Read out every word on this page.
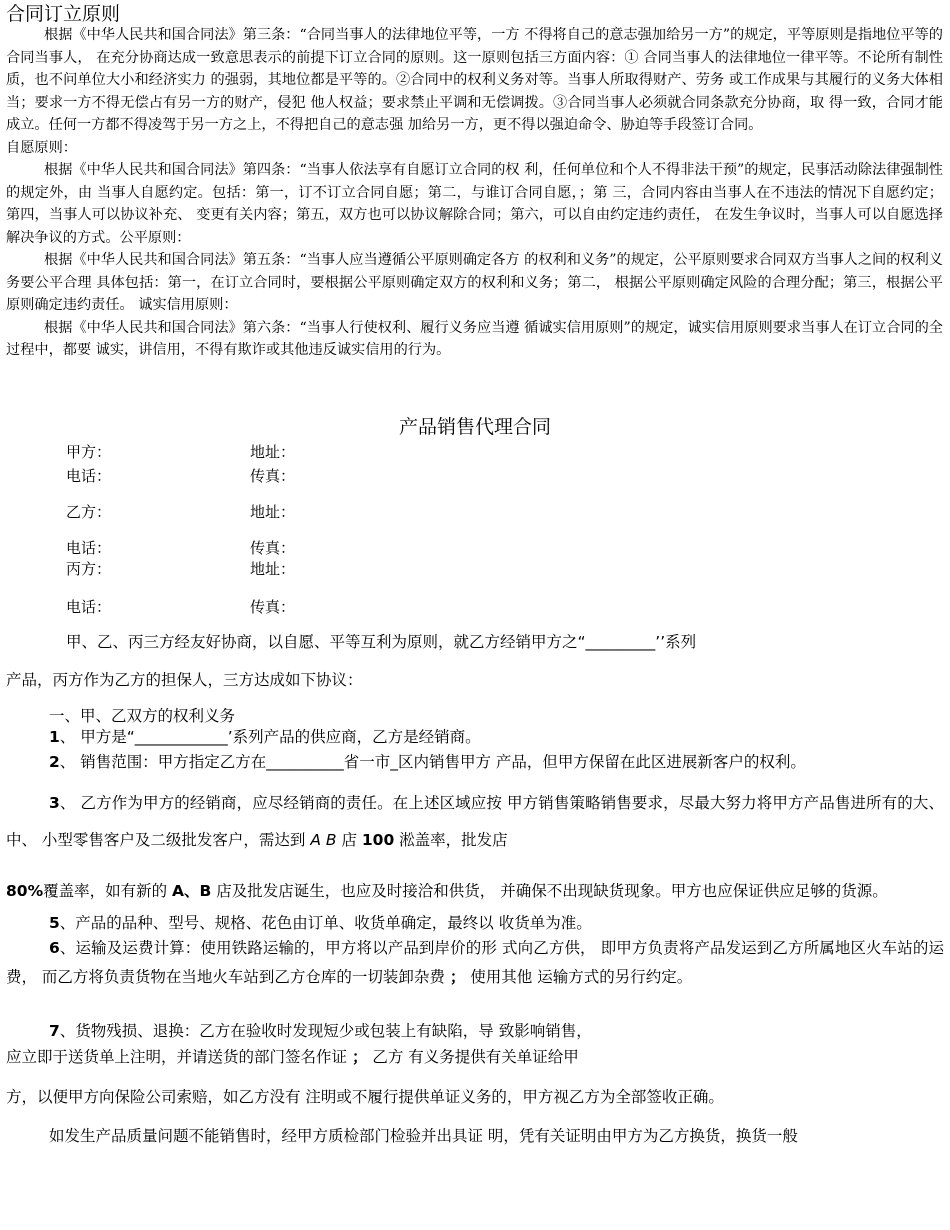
合同订立原则

根据《中华人民共和国合同法》第三条：“合同当事人的法律地位平等，一方 不得将自己的意志强加给另一方”的规定，平等原则是指地位平等的合同当事人， 在充分协商达成一致意思表示的前提下订立合同的原则。这一原则包括三方面内容：① 合同当事人的法律地位一律平等。不论所有制性质，也不问单位大小和经济实力 的强弱，其地位都是平等的。②合同中的权利义务对等。当事人所取得财产、劳务 或工作成果与其履行的义务大体相当；要求一方不得无偿占有另一方的财产，侵犯 他人权益；要求禁止平调和无偿调拨。③合同当事人必须就合同条款充分协商，取 得一致，合同才能成立。任何一方都不得凌驾于另一方之上，不得把自己的意志强 加给另一方，更不得以强迫命令、胁迫等手段签订合同。

自愿原则：

根据《中华人民共和国合同法》第四条：“当事人依法享有自愿订立合同的权 利，任何单位和个人不得非法干预”的规定，民事活动除法律强制性的规定外，由 当事人自愿约定。包括：第一，订不订立合同自愿；第二，与谁订合同自愿，；第 三，合同内容由当事人在不违法的情况下自愿约定；第四，当事人可以协议补充、 变更有关内容；第五，双方也可以协议解除合同；第六，可以自由约定违约责任， 在发生争议时，当事人可以自愿选择解决争议的方式。公平原则：

根据《中华人民共和国合同法》第五条：“当事人应当遵循公平原则确定各方 的权利和义务”的规定，公平原则要求合同双方当事人之间的权利义务要公平合理 具体包括：第一，在订立合同时，要根据公平原则确定双方的权利和义务；第二， 根据公平原则确定风险的合理分配；第三，根据公平原则确定违约责任。 诚实信用原则：

根据《中华人民共和国合同法》第六条：“当事人行使权利、履行义务应当遵 循诚实信用原则”的规定，诚实信用原则要求当事人在订立合同的全过程中，都要 诚实，讲信用，不得有欺诈或其他违反诚实信用的行为。

产品销售代理合同
甲方：	地址：
电话：	传真：
乙方：	地址：
电话：	传真：
丙方：	地址：
电话：	传真：

甲、乙、丙三方经友好协商，以自愿、平等互利为原则，就乙方经销甲方之“_________’’系列

产品，丙方作为乙方的担保人，三方达成如下协议：

一、甲、乙双方的权利义务

1、 甲方是“____________’系列产品的供应商，乙方是经销商。

2、 销售范围：甲方指定乙方在__________省一市_区内销售甲方 产品，但甲方保留在此区进展新客户的权利。

3、 乙方作为甲方的经销商，应尽经销商的责任。在上述区域应按 甲方销售策略销售要求，尽最大努力将甲方产品售进所有的大、中、 小型零售客户及二级批发客户，需达到 A B 店 100 淞盖率，批发店

80%覆盖率，如有新的 A、B 店及批发店诞生，也应及时接洽和供货， 并确保不出现缺货现象。甲方也应保证供应足够的货源。

5、产品的品种、型号、规格、花色由订单、收货单确定，最终以 收货单为准。

6、运输及运费计算：使用铁路运输的，甲方将以产品到岸价的形 式向乙方供， 即甲方负责将产品发运到乙方所属地区火车站的运费， 而乙方将负责货物在当地火车站到乙方仓库的一切装卸杂费 ； 使用其他 运输方式的另行约定。

7、货物残损、退换：乙方在验收时发现短少或包装上有缺陷，导 致影响销售，

应立即于送货单上注明，并请送货的部门签名作证 ； 乙方 有义务提供有关单证给甲

方，以便甲方向保险公司索赔，如乙方没有 注明或不履行提供单证义务的，甲方视乙方为全部签收正确。

如发生产品质量问题不能销售时，经甲方质检部门检验并出具证 明，凭有关证明由甲方为乙方换货，换货一般
